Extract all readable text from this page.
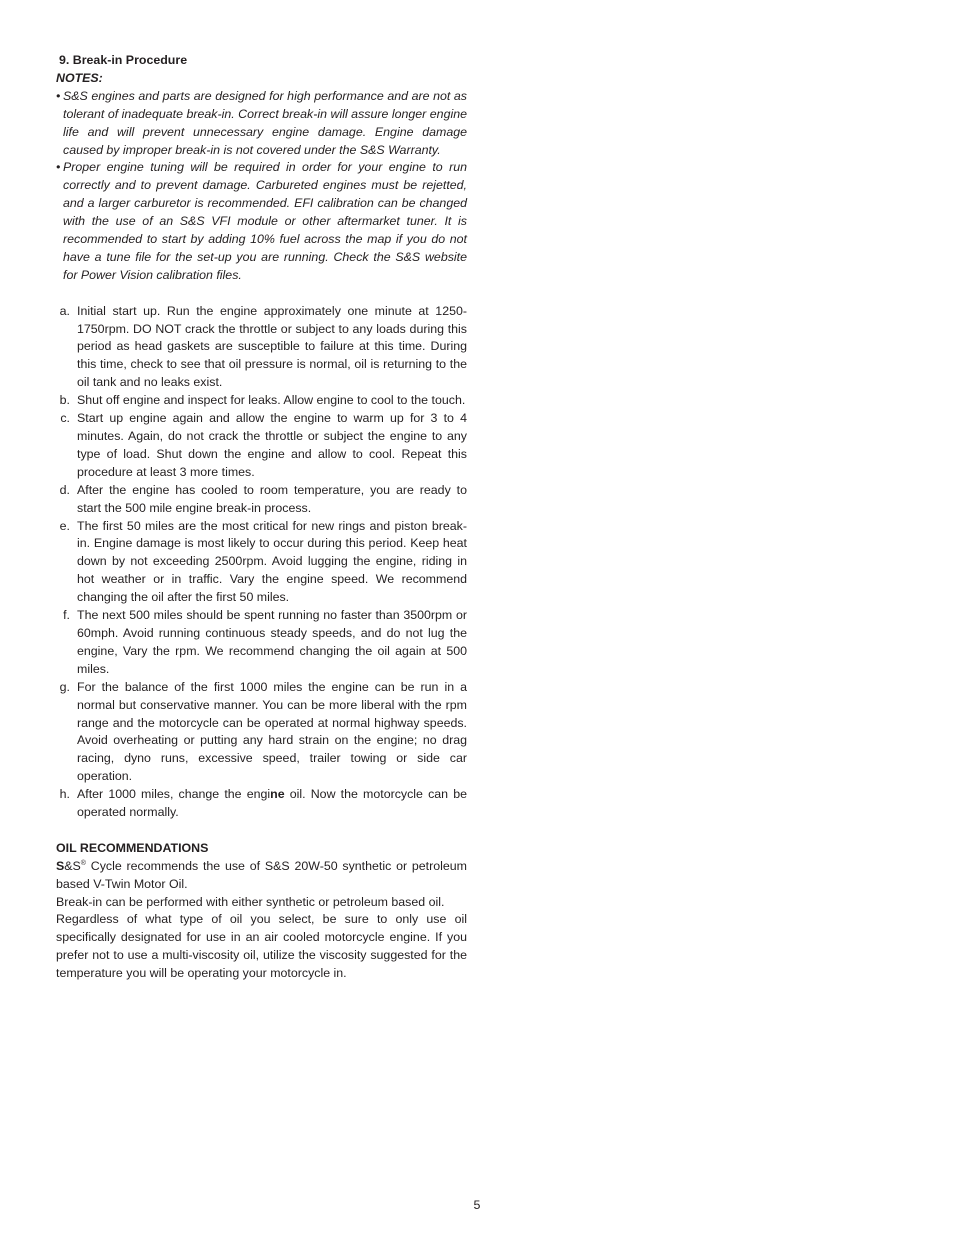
9. Break-in Procedure

NOTES:

• S&S engines and parts are designed for high performance and are not as tolerant of inadequate break-in. Correct break-in will assure longer engine life and will prevent unnecessary engine damage. Engine damage caused by improper break-in is not covered under the S&S Warranty.

• Proper engine tuning will be required in order for your engine to run correctly and to prevent damage. Carbureted engines must be rejetted, and a larger carburetor is recommended. EFI calibration can be changed with the use of an S&S VFI module or other aftermarket tuner. It is recommended to start by adding 10% fuel across the map if you do not have a tune file for the set-up you are running. Check the S&S website for Power Vision calibration files.

a. Initial start up. Run the engine approximately one minute at 1250-1750rpm. DO NOT crack the throttle or subject to any loads during this period as head gaskets are susceptible to failure at this time. During this time, check to see that oil pressure is normal, oil is returning to the oil tank and no leaks exist.

b. Shut off engine and inspect for leaks. Allow engine to cool to the touch.

c. Start up engine again and allow the engine to warm up for 3 to 4 minutes. Again, do not crack the throttle or subject the engine to any type of load. Shut down the engine and allow to cool. Repeat this procedure at least 3 more times.

d. After the engine has cooled to room temperature, you are ready to start the 500 mile engine break-in process.

e. The first 50 miles are the most critical for new rings and piston break-in. Engine damage is most likely to occur during this period. Keep heat down by not exceeding 2500rpm. Avoid lugging the engine, riding in hot weather or in traffic. Vary the engine speed. We recommend changing the oil after the first 50 miles.

f. The next 500 miles should be spent running no faster than 3500rpm or 60mph. Avoid running continuous steady speeds, and do not lug the engine, Vary the rpm. We recommend changing the oil again at 500 miles.

g. For the balance of the first 1000 miles the engine can be run in a normal but conservative manner. You can be more liberal with the rpm range and the motorcycle can be operated at normal highway speeds. Avoid overheating or putting any hard strain on the engine; no drag racing, dyno runs, excessive speed, trailer towing or side car operation.

h. After 1000 miles, change the engine oil. Now the motorcycle can be operated normally.

OIL RECOMMENDATIONS

S&S® Cycle recommends the use of S&S 20W-50 synthetic or petroleum based V-Twin Motor Oil.

Break-in can be performed with either synthetic or petroleum based oil.

Regardless of what type of oil you select, be sure to only use oil specifically designated for use in an air cooled motorcycle engine. If you prefer not to use a multi-viscosity oil, utilize the viscosity suggested for the temperature you will be operating your motorcycle in.

5
